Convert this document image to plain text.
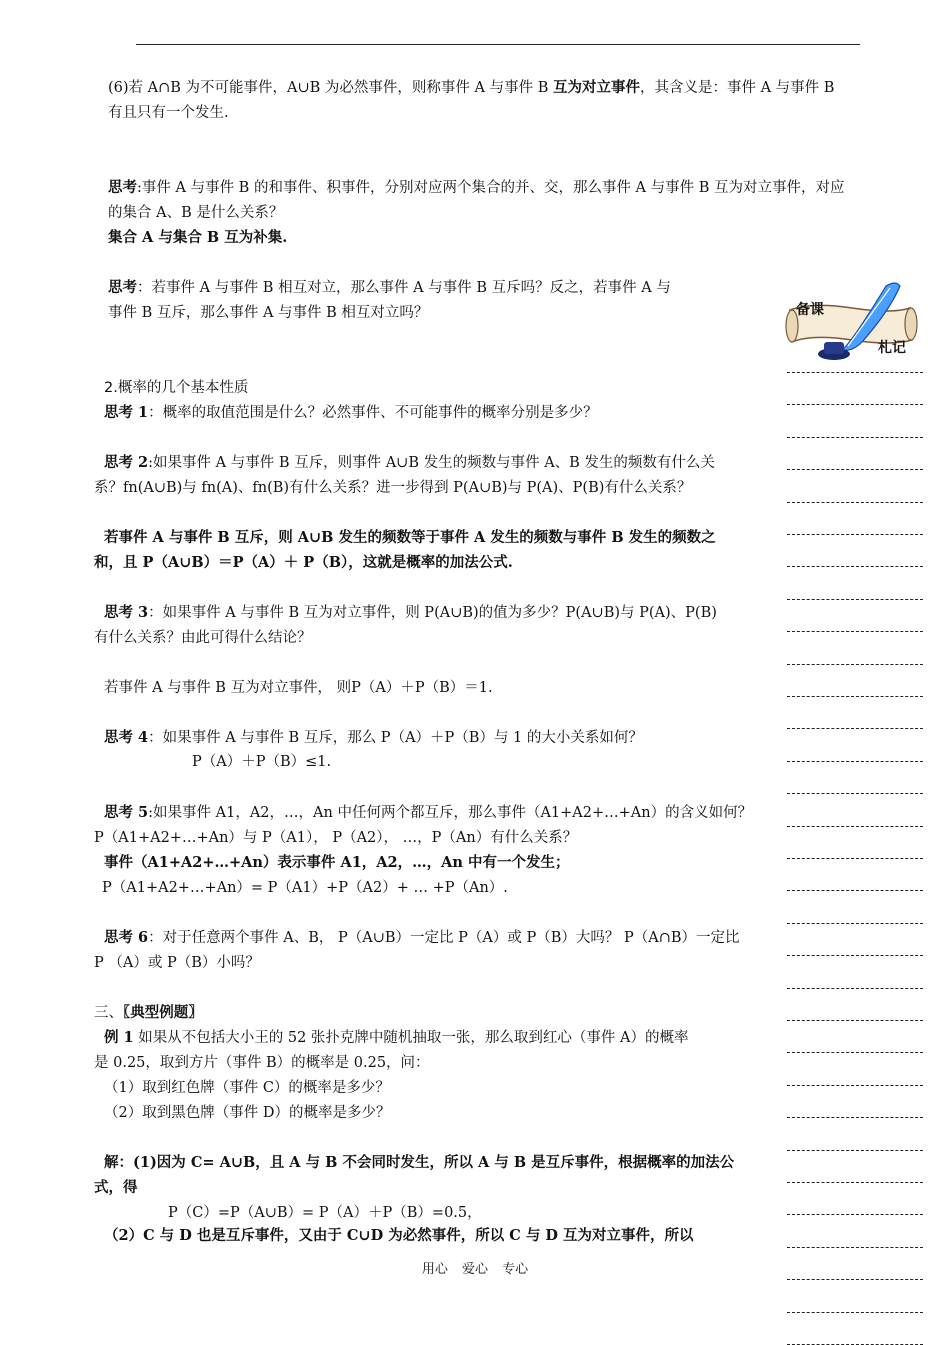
(6)若 A∩B 为不可能事件，A∪B 为必然事件，则称事件 A 与事件 B 互为对立事件，其含义是：事件 A 与事件 B
有且只有一个发生.
思考:事件 A 与事件 B 的和事件、积事件，分别对应两个集合的并、交，那么事件 A 与事件 B 互为对立事件，对应
的集合 A、B 是什么关系？
集合 A 与集合 B 互为补集.
思考：若事件 A 与事件 B 相互对立，那么事件 A 与事件 B 互斥吗？反之，若事件 A 与
事件 B 互斥，那么事件 A 与事件 B 相互对立吗？	备课
札记
2.概率的几个基本性质
思考 1：概率的取值范围是什么？必然事件、不可能事件的概率分别是多少？
思考 2:如果事件 A 与事件 B 互斥，则事件 A∪B 发生的频数与事件 A、B 发生的频数有什么关
系？fn(A∪B)与 fn(A)、fn(B)有什么关系？进一步得到 P(A∪B)与 P(A)、P(B)有什么关系？
若事件 A 与事件 B 互斥，则 A∪B 发生的频数等于事件 A 发生的频数与事件 B 发生的频数之
和，且 P（A∪B）＝P（A）＋ P（B），这就是概率的加法公式.
思考 3：如果事件 A 与事件 B 互为对立事件，则 P(A∪B)的值为多少？P(A∪B)与 P(A)、P(B)
有什么关系？由此可得什么结论？
若事件 A 与事件 B 互为对立事件， 则P（A）＋P（B）＝1.
思考 4：如果事件 A 与事件 B 互斥，那么 P（A）＋P（B）与 1 的大小关系如何？
P（A）＋P（B）≤1.
思考 5:如果事件 A1，A2，…，An 中任何两个都互斥，那么事件（A1+A2+…+An）的含义如何？
P（A1+A2+…+An）与 P（A1）， P（A2）， …，P（An）有什么关系？
事件（A1+A2+…+An）表示事件 A1，A2，…，An 中有一个发生；
P（A1+A2+…+An）= P（A1）+P（A2）+ … +P（An）.
思考 6：对于任意两个事件 A、B， P（A∪B）一定比 P（A）或 P（B）大吗？ P（A∩B）一定比
P （A）或 P（B）小吗？
三、〖典型例题〗
例 1 如果从不包括大小王的 52 张扑克牌中随机抽取一张，那么取到红心（事件 A）的概率
是 0.25，取到方片（事件 B）的概率是 0.25，问：
（1）取到红色牌（事件 C）的概率是多少？
（2）取到黑色牌（事件 D）的概率是多少？
解：(1)因为 C= A∪B，且 A 与 B 不会同时发生，所以 A 与 B 是互斥事件，根据概率的加法公
式，得
P（C）=P（A∪B）= P（A）＋P（B）=0.5，
（2）C 与 D 也是互斥事件，又由于 C∪D 为必然事件，所以 C 与 D 互为对立事件，所以
用心 爱心 专心
